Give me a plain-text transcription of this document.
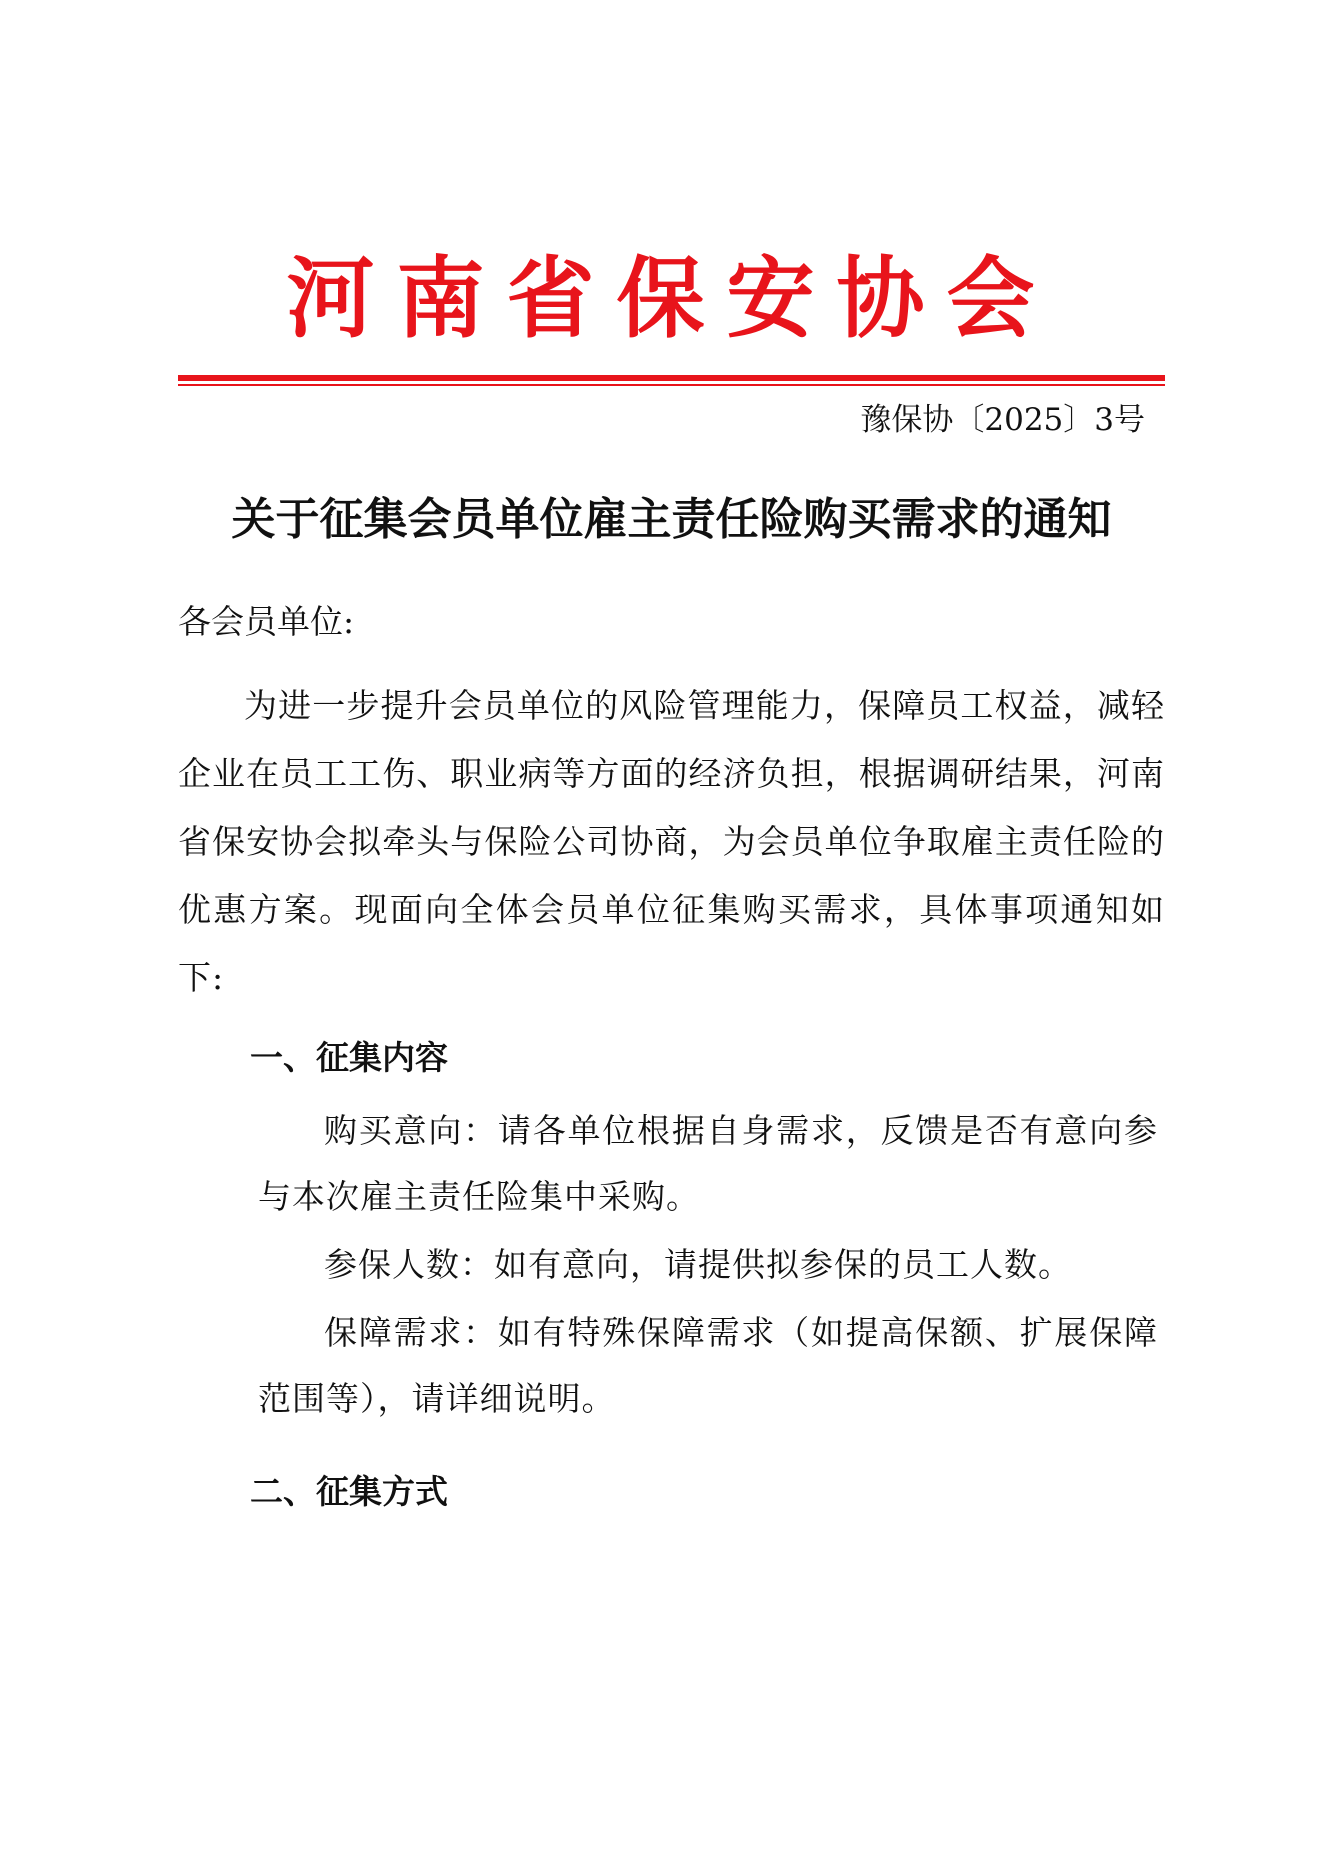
河南省保安协会
豫保协〔2025〕3号
关于征集会员单位雇主责任险购买需求的通知
各会员单位:
为进一步提升会员单位的风险管理能力，保障员工权益，减轻企业在员工工伤、职业病等方面的经济负担，根据调研结果，河南省保安协会拟牵头与保险公司协商，为会员单位争取雇主责任险的优惠方案。现面向全体会员单位征集购买需求，具体事项通知如下:
一、征集内容
购买意向：请各单位根据自身需求，反馈是否有意向参与本次雇主责任险集中采购。
参保人数：如有意向，请提供拟参保的员工人数。
保障需求：如有特殊保障需求（如提高保额、扩展保障范围等），请详细说明。
二、征集方式
